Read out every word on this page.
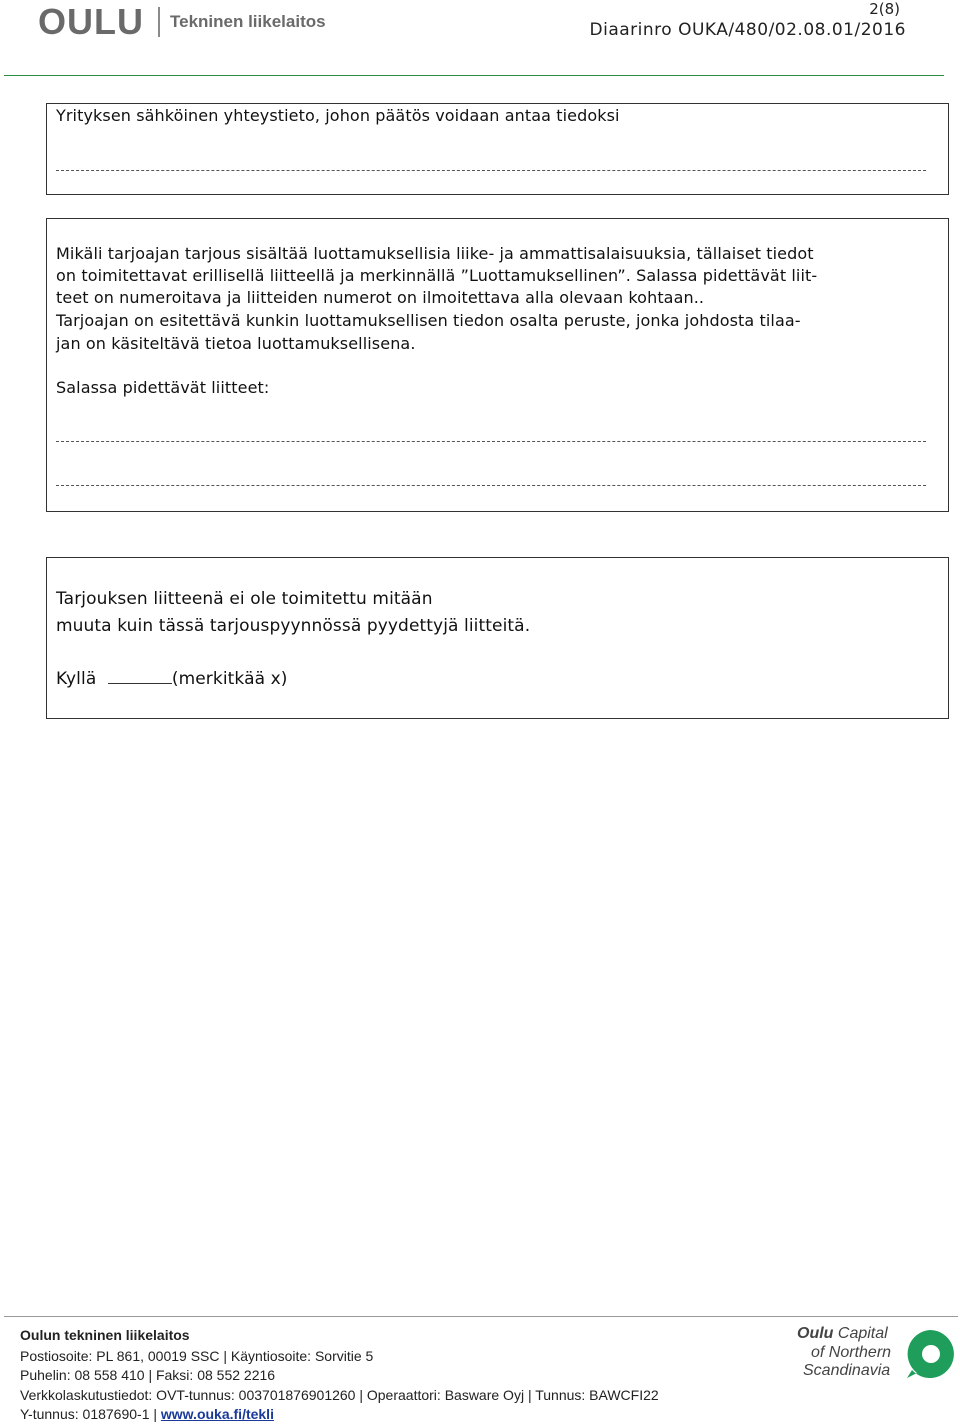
OULU Tekninen liikelaitos
2(8)
Diaarinro OUKA/480/02.08.01/2016
Yrityksen sähköinen yhteystieto, johon päätös voidaan antaa tiedoksi
Mikäli tarjoajan tarjous sisältää luottamuksellisia liike- ja ammattisalaisuuksia, tällaiset tiedot
on toimitettavat erillisellä liitteellä ja merkinnällä ”Luottamuksellinen”. Salassa pidettävät liit-
teet on numeroitava ja liitteiden numerot on ilmoitettava alla olevaan kohtaan..
Tarjoajan on esitettävä kunkin luottamuksellisen tiedon osalta peruste, jonka johdosta tilaa-
jan on käsiteltävä tietoa luottamuksellisena.
Salassa pidettävät liitteet:
Tarjouksen liitteenä ei ole toimitettu mitään
muuta kuin tässä tarjouspyynnössä pyydettyjä liitteitä.
Kyllä	(merkitkää x)
Oulun tekninen liikelaitos
Postiosoite: PL 861, 00019 SSC | Käyntiosoite: Sorvitie 5
Puhelin: 08 558 410 | Faksi: 08 552 2216
Verkkolaskutustiedot: OVT-tunnus: 003701876901260 | Operaattori: Basware Oyj | Tunnus: BAWCFI22
Y-tunnus: 0187690-1 | www.ouka.fi/tekli
Oulu Capital
of Northern
Scandinavia
